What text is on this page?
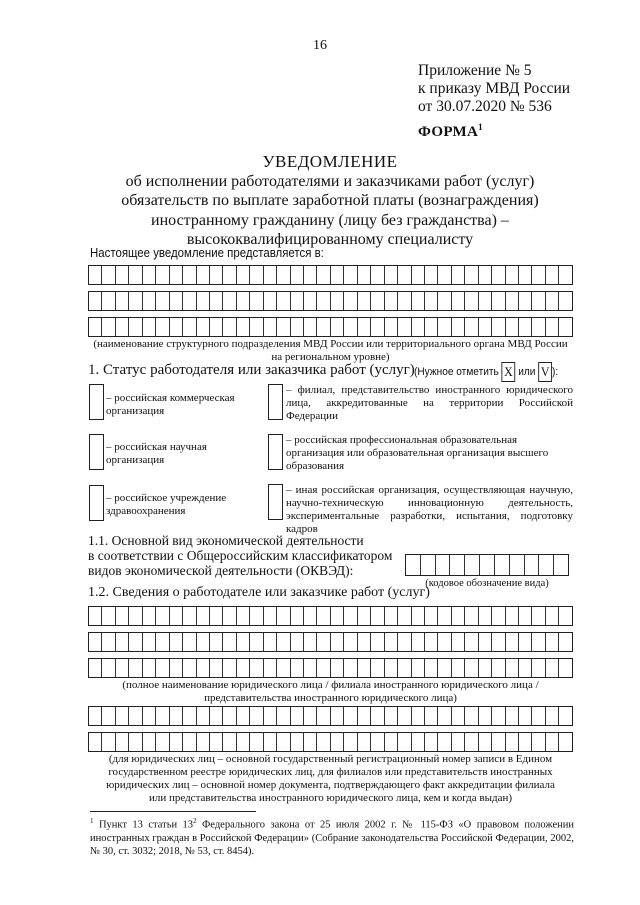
16
Приложение № 5
к приказу МВД России
от 30.07.2020 № 536
ФОРМА$^1$
УВЕДОМЛЕНИЕ
об исполнении работодателями и заказчиками работ (услуг)
обязательств по выплате заработной платы (вознаграждения)
иностранному гражданину (лицу без гражданства) –
высококвалифицированному специалисту
Настоящее уведомление представляется в:
(наименование структурного подразделения МВД России или территориального органа МВД России
на региональном уровне)
1. Статус работодателя или заказчика работ (услуг) (Нужное отметить X или V ):
– российская коммерческая организация
– российская научная организация
– российское учреждение здравоохранения
– филиал, представительство иностранного юридического лица, аккредитованные на территории Российской Федерации
– российская профессиональная образовательная организация или образовательная организация высшего образования
– иная российская организация, осуществляющая научную, научно-техническую инновационную деятельность, экспериментальные разработки, испытания, подготовку кадров
1.1. Основной вид экономической деятельности
в соответствии с Общероссийским классификатором
видов экономической деятельности (ОКВЭД):
(кодовое обозначение вида)
1.2. Сведения о работодателе или заказчике работ (услуг)
(полное наименование юридического лица / филиала иностранного юридического лица /
представительства иностранного юридического лица)
(для юридических лиц – основной государственный регистрационный номер записи в Едином
государственном реестре юридических лиц, для филиалов или представительств иностранных
юридических лиц – основной номер документа, подтверждающего факт аккредитации филиала
или представительства иностранного юридического лица, кем и когда выдан)
$^1$ Пункт 13 статьи $13^2$ Федерального закона от 25 июля 2002 г. № 115-ФЗ «О правовом положении иностранных граждан в Российской Федерации» (Собрание законодательства Российской Федерации, 2002, № 30, ст. 3032; 2018, № 53, ст. 8454).
